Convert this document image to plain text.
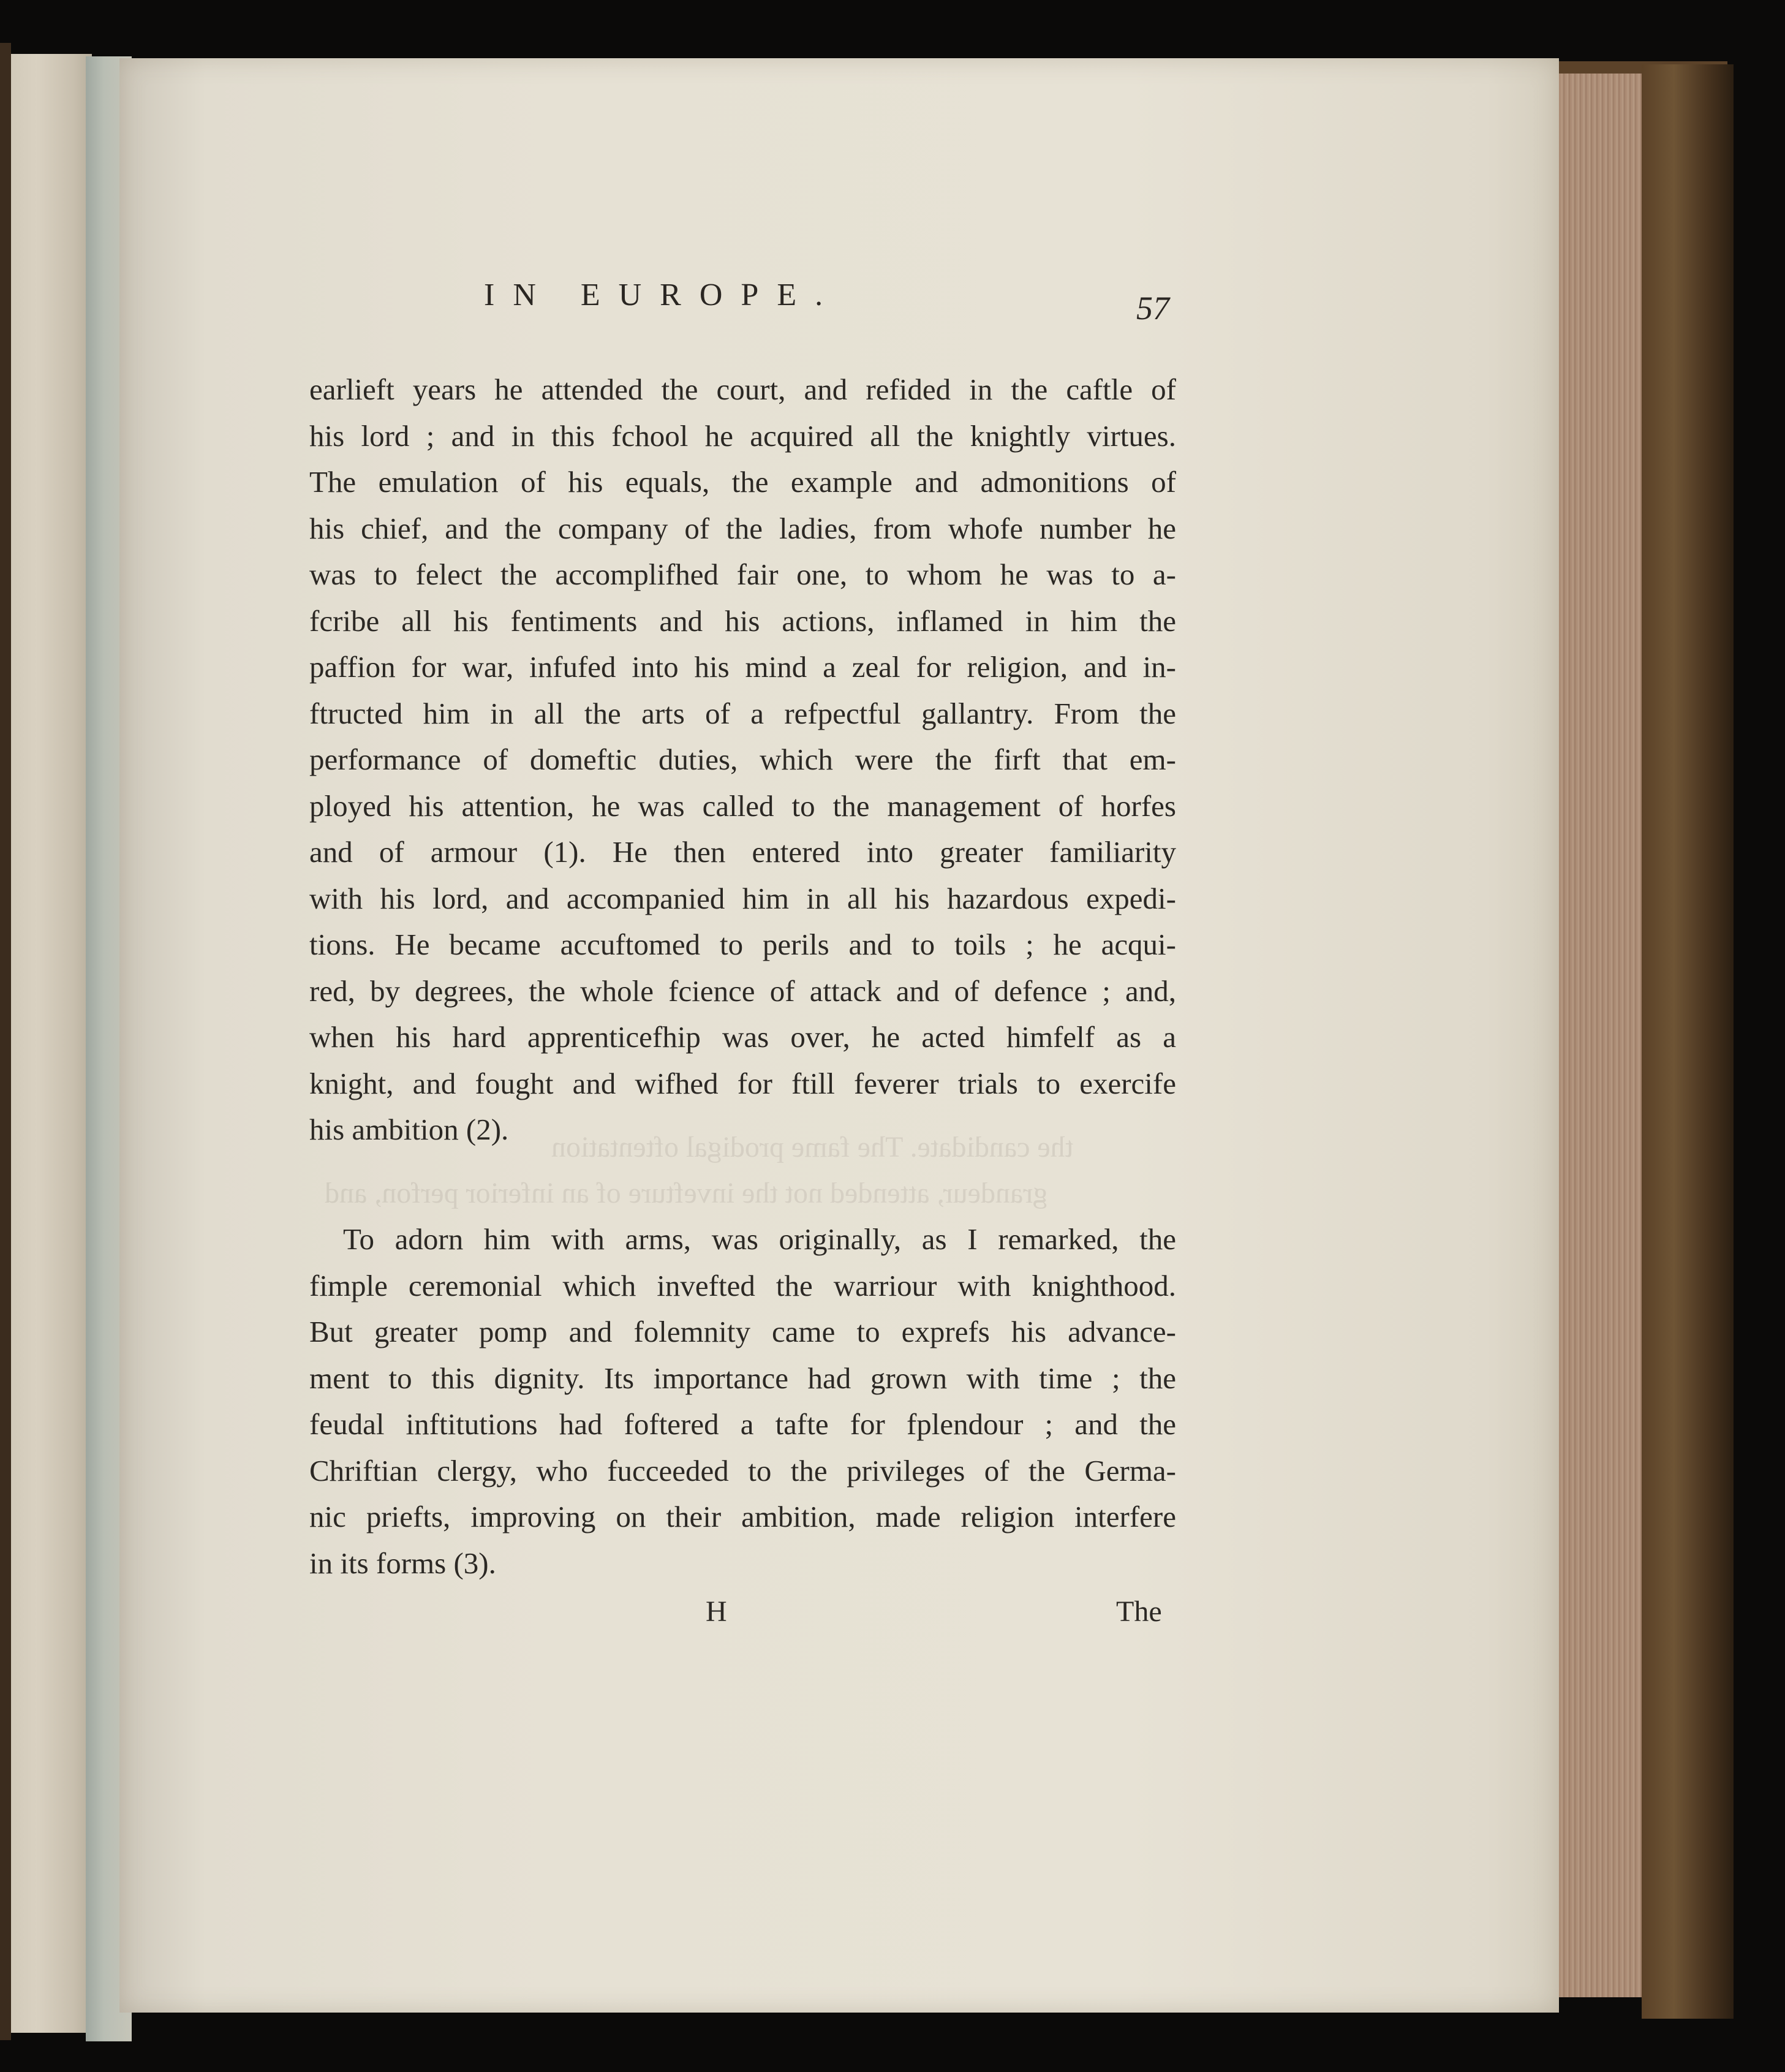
the candidate. The fame prodigal oftentation
grandeur, attended not the invefture of an inferior perfon, and
IN EUROPE.	57
earlieft years he attended the court, and refided in the caftle of
his lord ; and in this fchool he acquired all the knightly virtues.
The emulation of his equals, the example and admonitions of
his chief, and the company of the ladies, from whofe number he
was to felect the accomplifhed fair one, to whom he was to a-
fcribe all his fentiments and his actions, inflamed in him the
paffion for war, infufed into his mind a zeal for religion, and in-
ftructed him in all the arts of a refpectful gallantry. From the
performance of domeftic duties, which were the firft that em-
ployed his attention, he was called to the management of horfes
and of armour (1). He then entered into greater familiarity
with his lord, and accompanied him in all his hazardous expedi-
tions. He became accuftomed to perils and to toils ; he acqui-
red, by degrees, the whole fcience of attack and of defence ; and,
when his hard apprenticefhip was over, he acted himfelf as a
knight, and fought and wifhed for ftill feverer trials to exercife
his ambition (2).
To adorn him with arms, was originally, as I remarked, the
fimple ceremonial which invefted the warriour with knighthood.
But greater pomp and folemnity came to exprefs his advance-
ment to this dignity. Its importance had grown with time ; the
feudal inftitutions had foftered a tafte for fplendour ; and the
Chriftian clergy, who fucceeded to the privileges of the Germa-
nic priefts, improving on their ambition, made religion interfere
in its forms (3).
H	The
